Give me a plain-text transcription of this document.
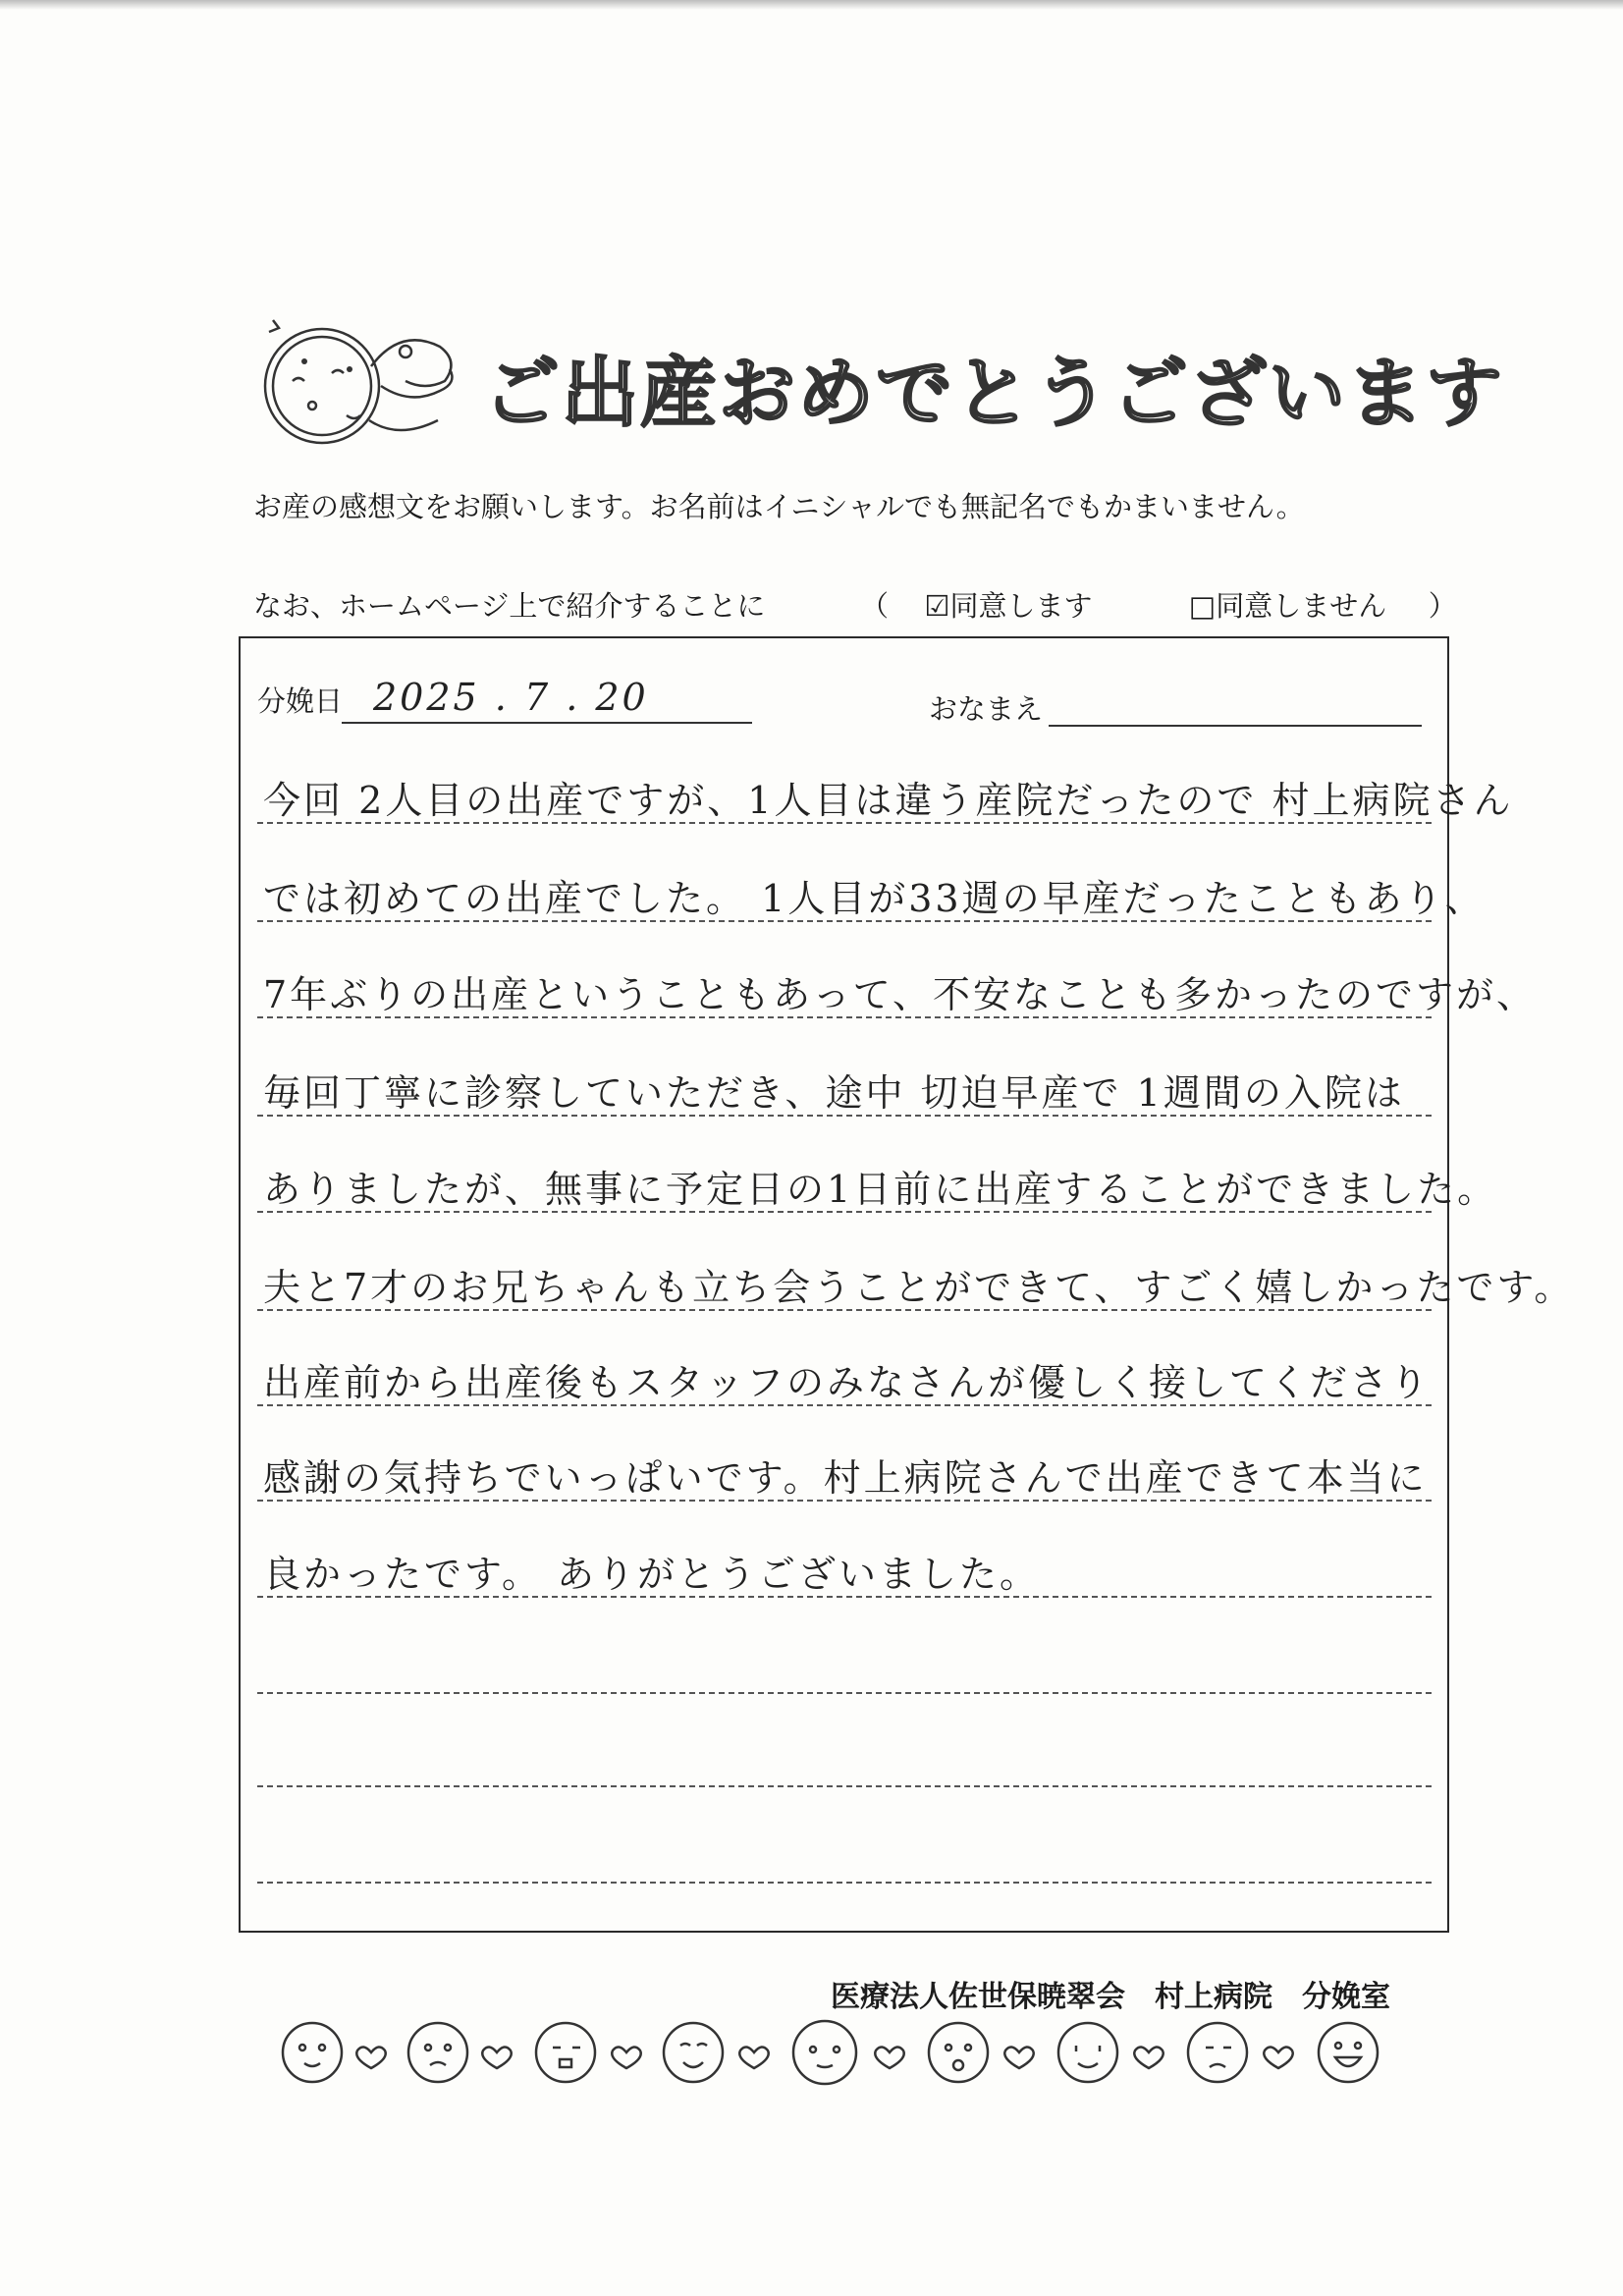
ご出産おめでとうございます
お産の感想文をお願いします。お名前はイニシャルでも無記名でもかまいません。
なお、ホームページ上で紹介することに	（ ☑同意します	□同意しません ）
分娩日 2025 . 7 . 20	おなまえ
今回 2人目の出産ですが、1人目は違う産院だったので 村上病院さん
では初めての出産でした。 1人目が33週の早産だったこともあり、
7年ぶりの出産ということもあって、不安なことも多かったのですが、
毎回丁寧に診察していただき、途中 切迫早産で 1週間の入院は
ありましたが、無事に予定日の1日前に出産することができました。
夫と7才のお兄ちゃんも立ち会うことができて、すごく嬉しかったです。
出産前から出産後もスタッフのみなさんが優しく接してくださり
感謝の気持ちでいっぱいです。村上病院さんで出産できて本当に
良かったです。 ありがとうございました。
医療法人佐世保暁翠会　村上病院　分娩室
